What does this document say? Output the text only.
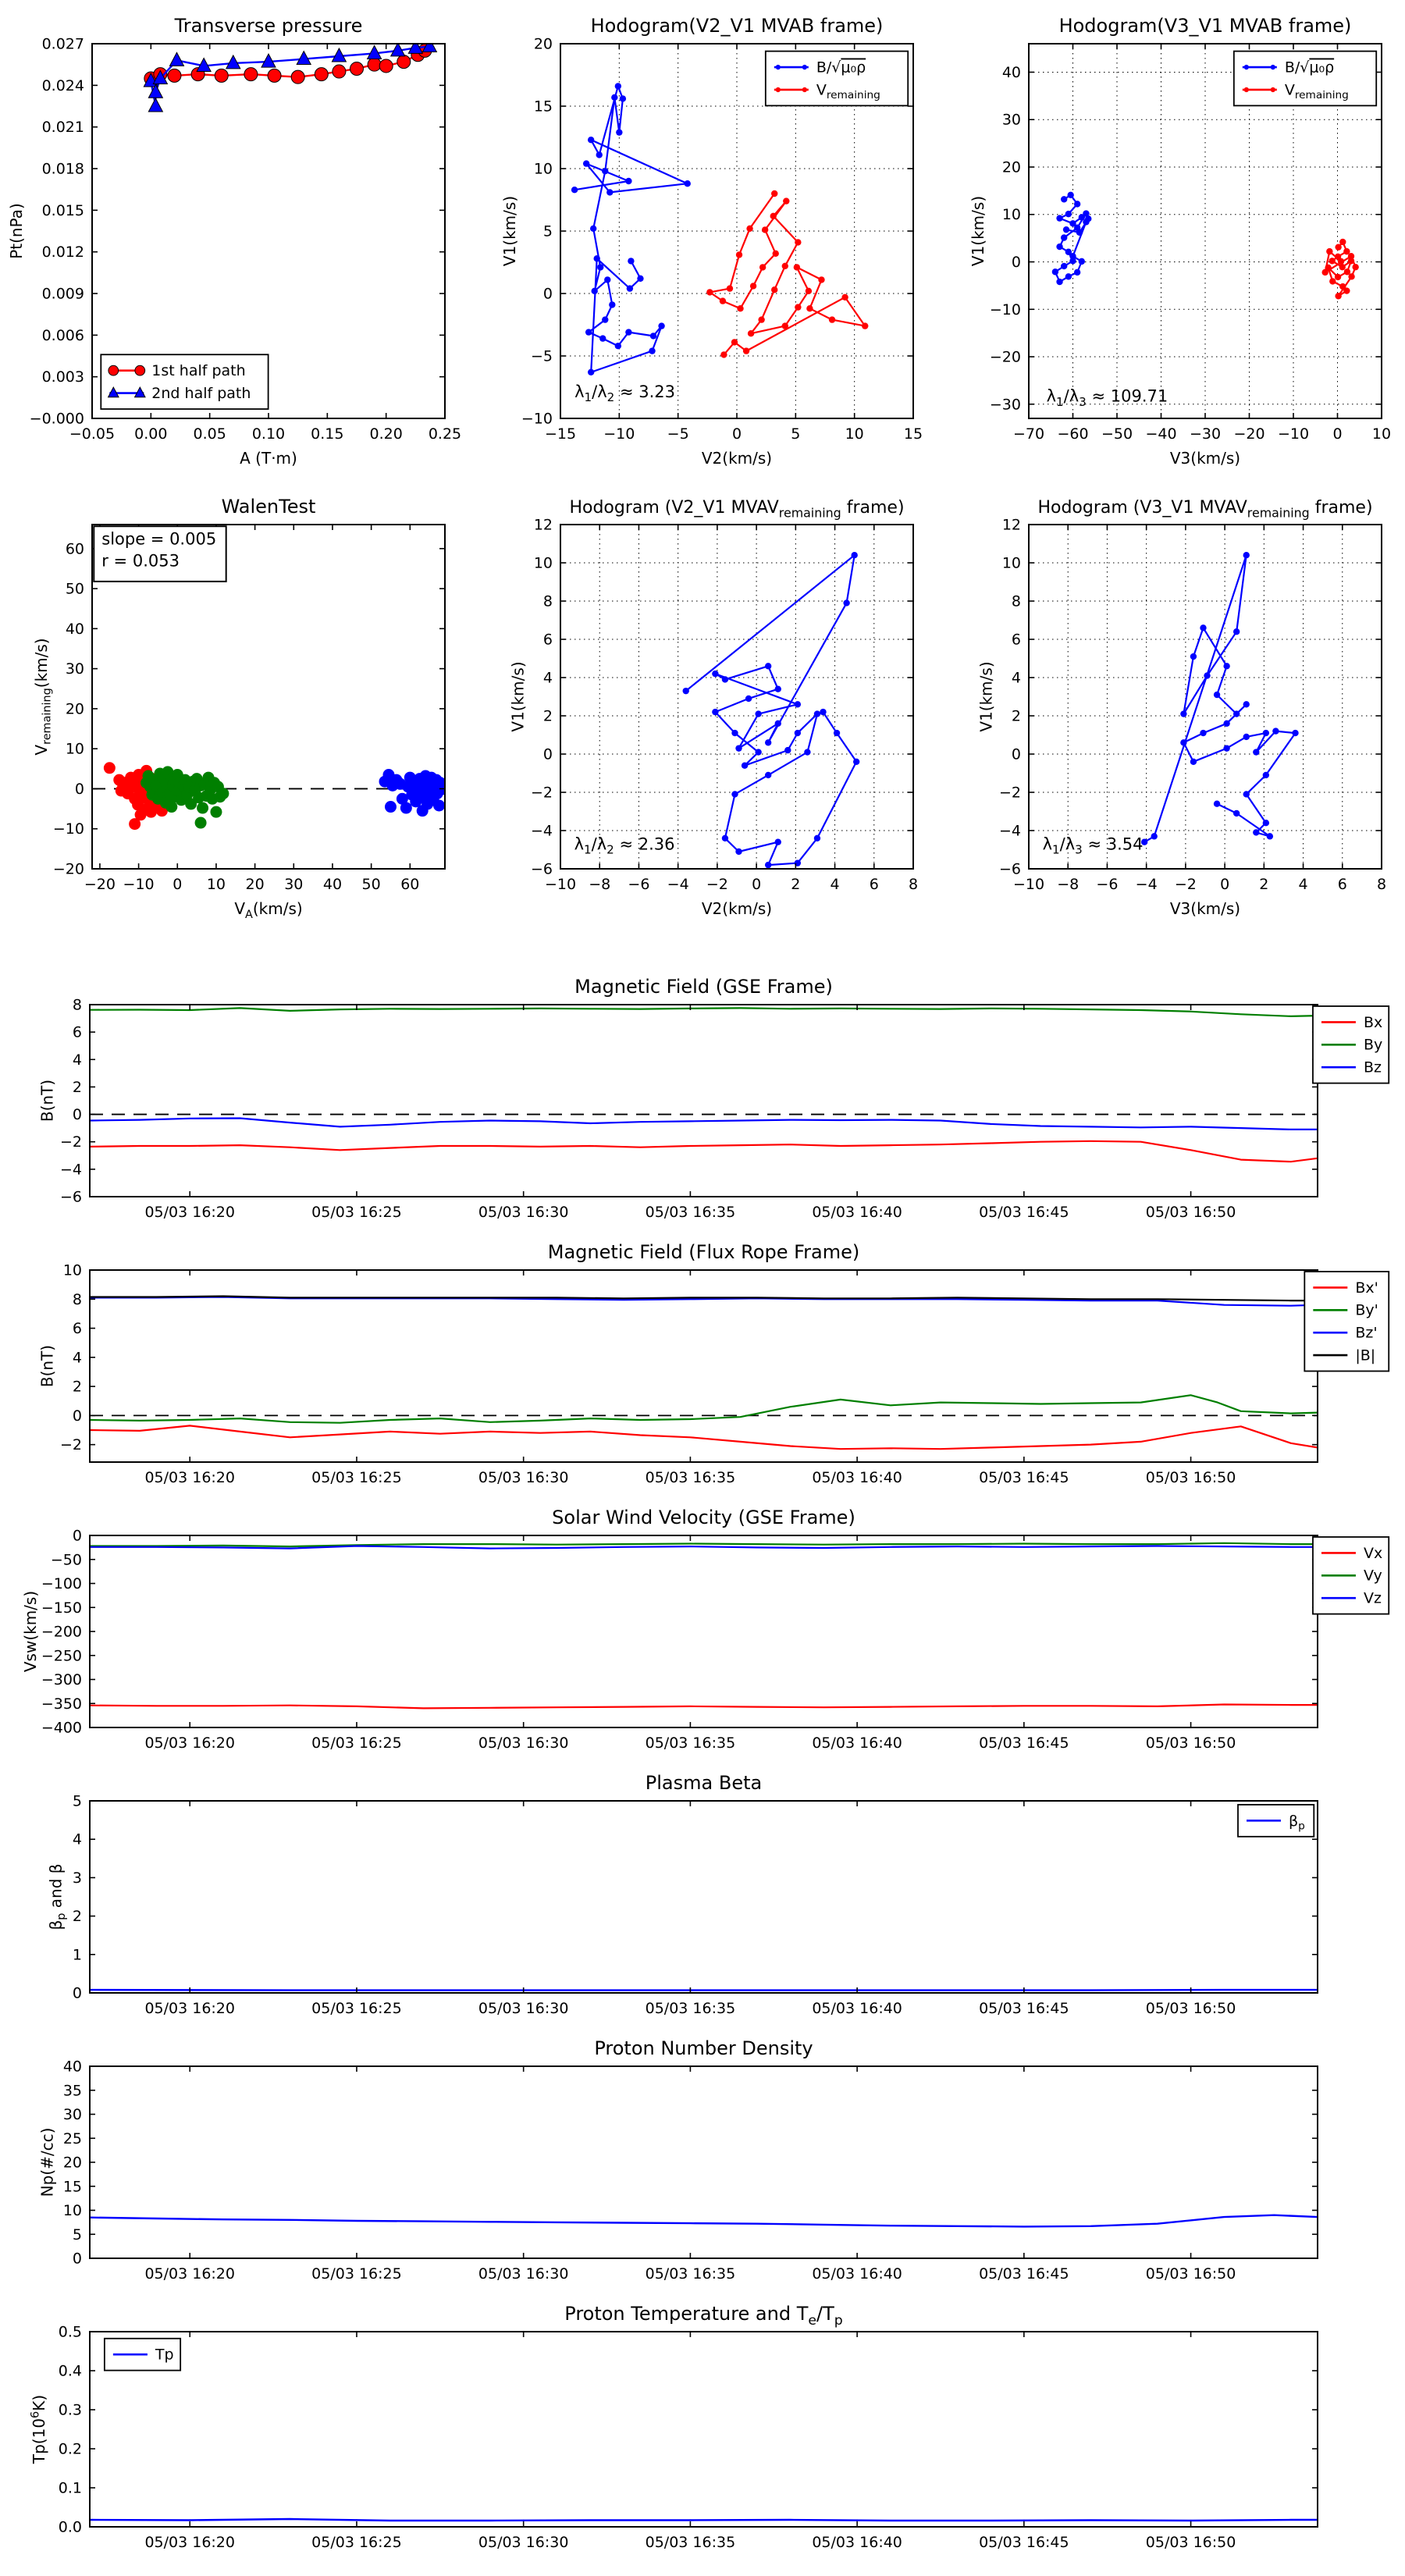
−0.05 0.00 0.05 0.10 0.15 0.20 0.25
−0.000
0.003
0.006
0.009
0.012
0.015
0.018
0.021
0.024
0.027
Transverse pressure
A (T·m)
Pt(nPa)
1st half path
2nd half path
−15 −10 −5	0	5	10	15
−10
−5
0
5
10
15
20
Hodogram(V2_V1 MVAB frame)
V2(km/s)
V1(km/s)
$\lambda_1/\lambda_2 \approx 3.23$
B/√μ₀ρ
$V_{remaining}$
−70 −60 −50 −40 −30 −20 −10 0 10
−30
−20
−10
0
10
20
30
40
Hodogram(V3_V1 MVAB frame)
V3(km/s)
V1(km/s)
$\lambda_1/\lambda_3 \approx 109.71$
B/√μ₀ρ
$V_{remaining}$
−20 −10 0 10 20 30 40 50 60
−20
−10
0
10
20
30
40
50
60
WalenTest
$V_A(km/s)$
$V_{remaining}(km/s)$
slope = 0.005
r = 0.053
−10 −8 −6 −4 −2 0 2 4 6 8
−6
−4
−2
0
2
4
6
8
10
12
Hodogram (V2_V1 $MVAV_{remaining}$ frame)
V2(km/s)
V1(km/s)
$\lambda_1/\lambda_2 \approx 2.36$
−10 −8 −6 −4 −2 0 2 4 6 8
−6
−4
−2
0
2
4
6
8
10
12
Hodogram (V3_V1 $MVAV_{remaining}$ frame)
V3(km/s)
V1(km/s)
$\lambda_1/\lambda_3 \approx 3.54$
05/03 16:20	05/03 16:25	05/03 16:30	05/03 16:35	05/03 16:40	05/03 16:45	05/03 16:50
−6
−4
−2
0
2
4
6
8
Magnetic Field (GSE Frame)
B(nT)
Bx
By
Bz
05/03 16:20	05/03 16:25	05/03 16:30	05/03 16:35	05/03 16:40	05/03 16:45	05/03 16:50
−2
0
2
4
6
8
10
Magnetic Field (Flux Rope Frame)
B(nT)
Bx'
By'
Bz'
|B|
05/03 16:20	05/03 16:25	05/03 16:30	05/03 16:35	05/03 16:40	05/03 16:45	05/03 16:50
−400
−350
−300
−250
−200
−150
−100
−50
0
Solar Wind Velocity (GSE Frame)
Vsw(km/s)
Vx
Vy
Vz
05/03 16:20	05/03 16:25	05/03 16:30	05/03 16:35	05/03 16:40	05/03 16:45	05/03 16:50
0
1
2
3
4
5
Plasma Beta
$\beta_p$ and β
$\beta_p$
05/03 16:20	05/03 16:25	05/03 16:30	05/03 16:35	05/03 16:40	05/03 16:45	05/03 16:50
0
5
10
15
20
25
30
35
40
Proton Number Density
Np(#/cc)
05/03 16:20	05/03 16:25	05/03 16:30	05/03 16:35	05/03 16:40	05/03 16:45	05/03 16:50
0.0
0.1
0.2
0.3
0.4
0.5
Proton Temperature and $T_e/T_p$
$Tp(10^6K)$
Tp
